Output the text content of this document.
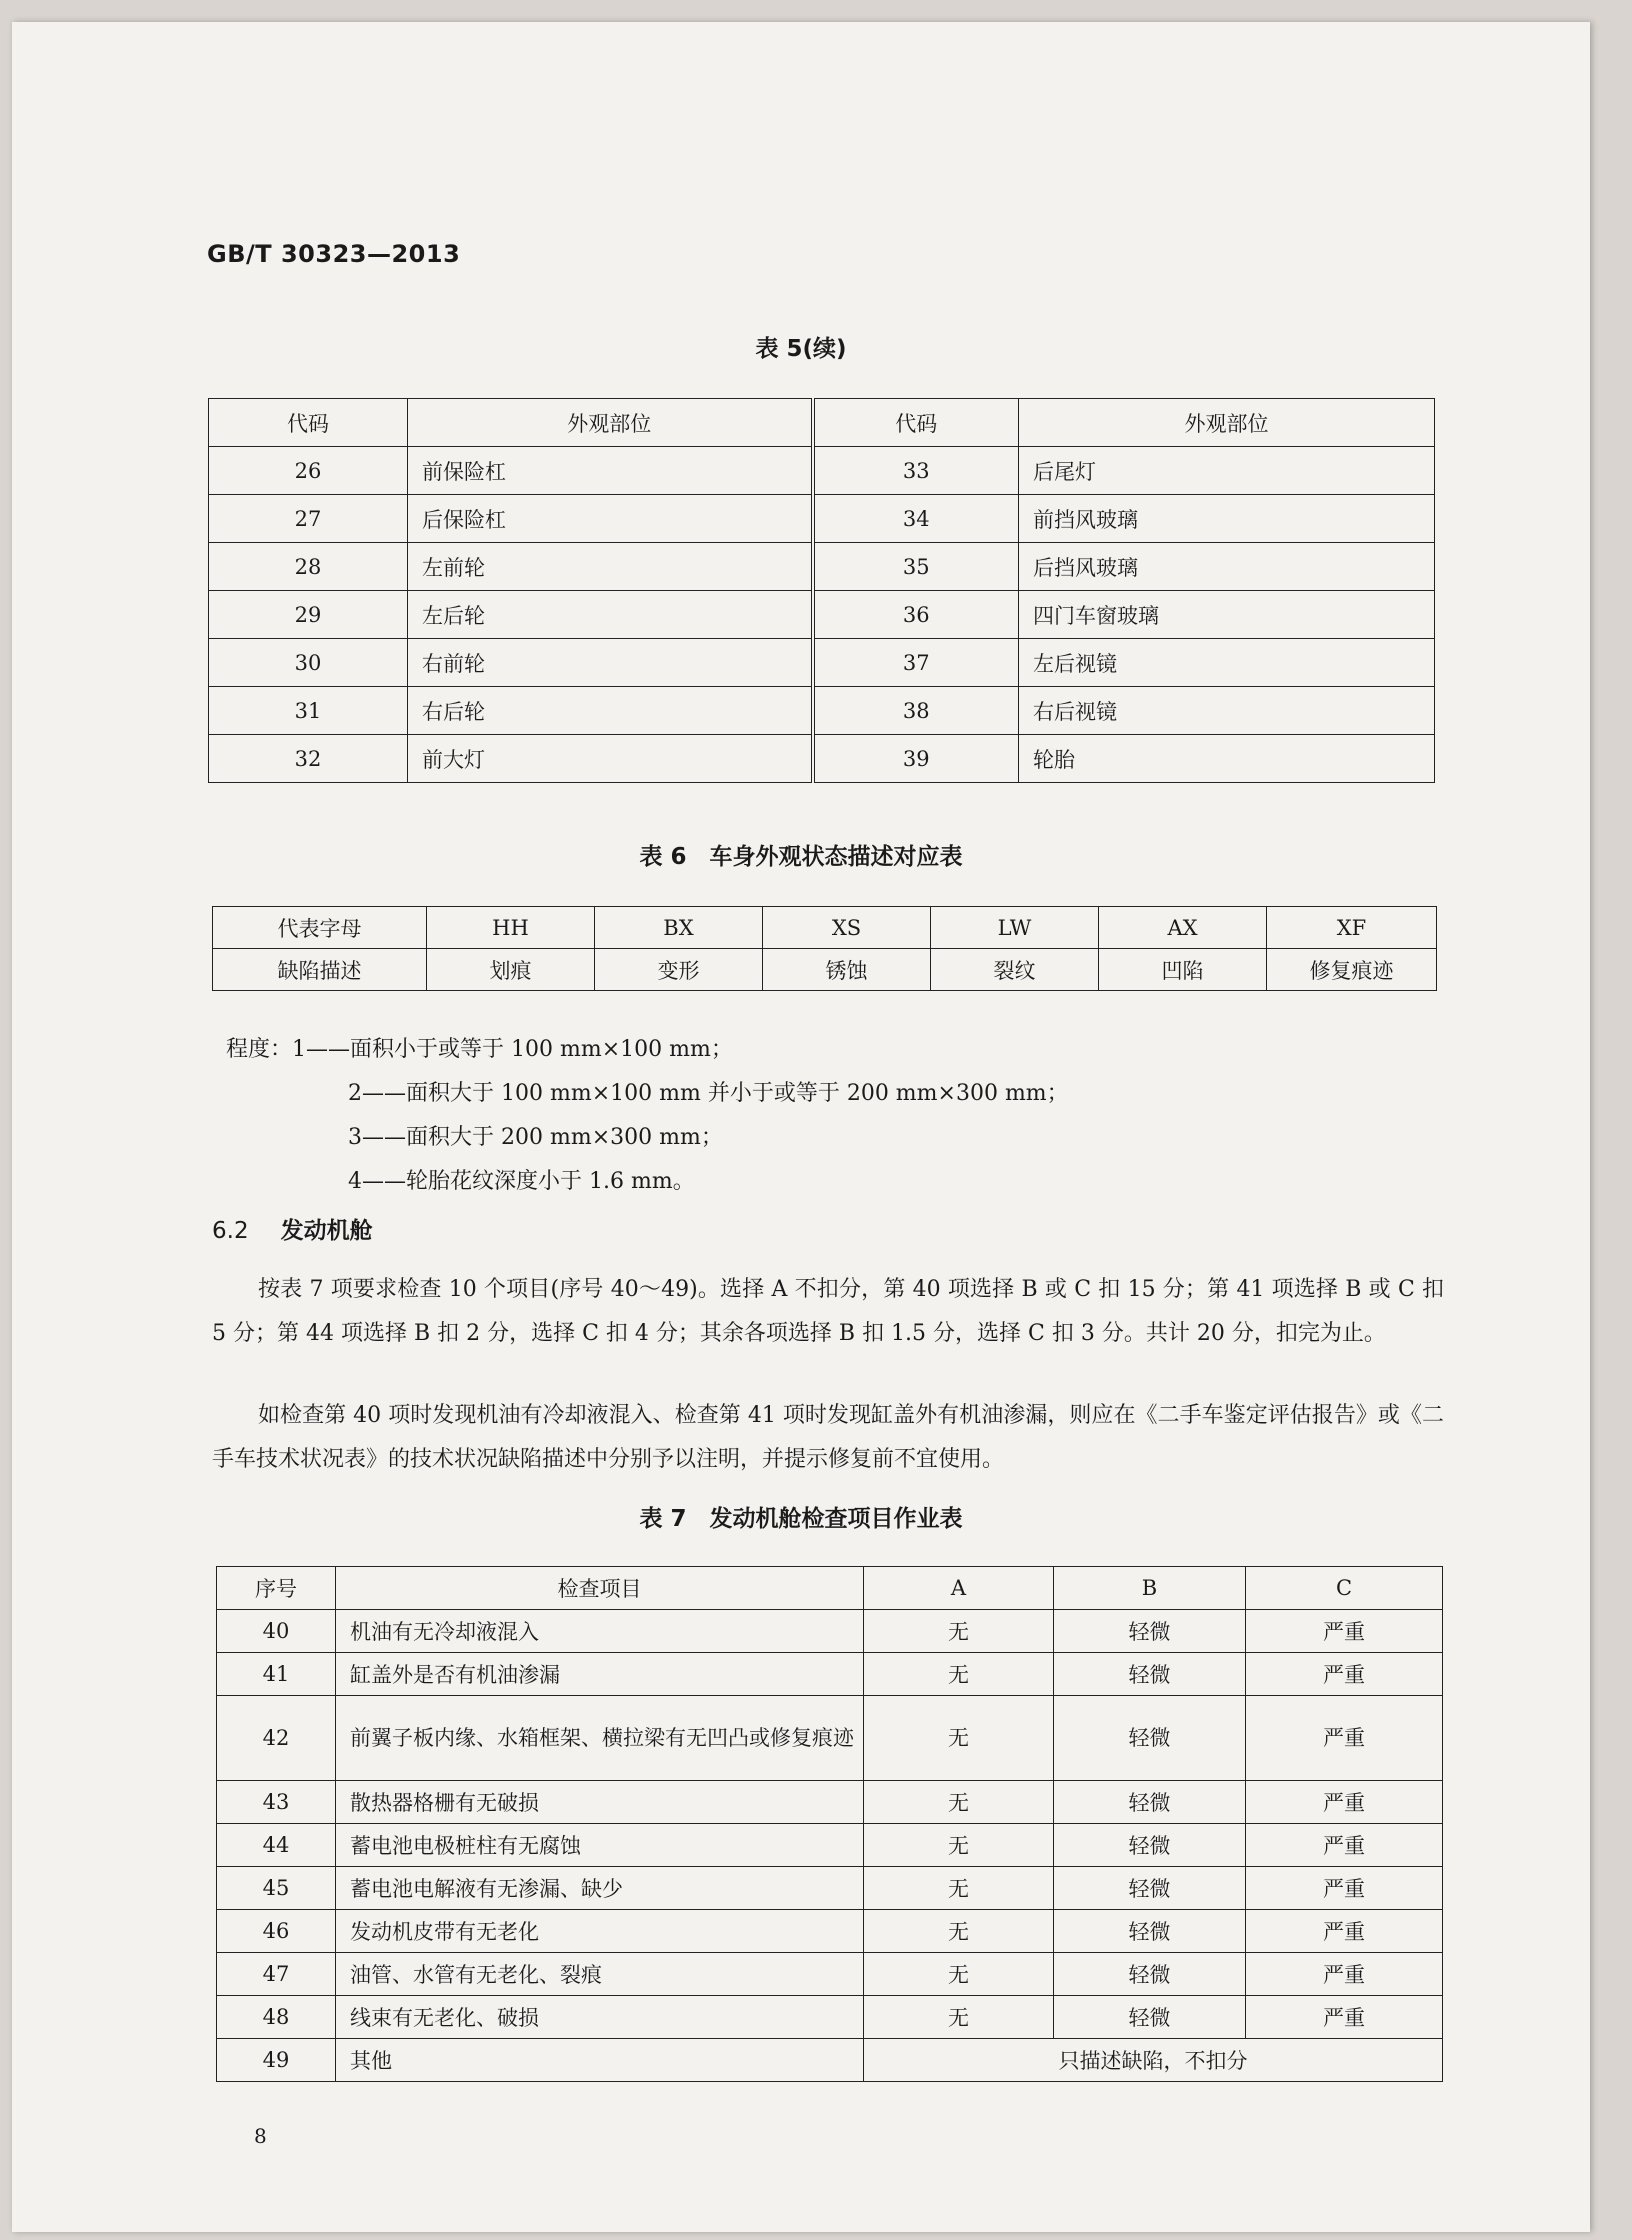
GB/T 30323—2013
表 5(续)
代码	外观部位	代码	外观部位
26	前保险杠	33	后尾灯
27	后保险杠	34	前挡风玻璃
28	左前轮	35	后挡风玻璃
29	左后轮	36	四门车窗玻璃
30	右前轮	37	左后视镜
31	右后轮	38	右后视镜
32	前大灯	39	轮胎
表 6　车身外观状态描述对应表
代表字母	HH	BX	XS	LW	AX	XF
缺陷描述	划痕	变形	锈蚀	裂纹	凹陷	修复痕迹
程度：1——面积小于或等于 100 mm×100 mm；
2——面积大于 100 mm×100 mm 并小于或等于 200 mm×300 mm；
3——面积大于 200 mm×300 mm；
4——轮胎花纹深度小于 1.6 mm。
6.2 发动机舱
按表 7 项要求检查 10 个项目(序号 40～49)。选择 A 不扣分，第 40 项选择 B 或 C 扣 15 分；第 41 项选择 B 或 C 扣 5 分；第 44 项选择 B 扣 2 分，选择 C 扣 4 分；其余各项选择 B 扣 1.5 分，选择 C 扣 3 分。共计 20 分，扣完为止。
如检查第 40 项时发现机油有冷却液混入、检查第 41 项时发现缸盖外有机油渗漏，则应在《二手车鉴定评估报告》或《二手车技术状况表》的技术状况缺陷描述中分别予以注明，并提示修复前不宜使用。
表 7　发动机舱检查项目作业表
序号	检查项目	A	B	C
40	机油有无冷却液混入	无	轻微	严重
41	缸盖外是否有机油渗漏	无	轻微	严重
42	前翼子板内缘、水箱框架、横拉梁有无凹凸或修复痕迹	无	轻微	严重
43	散热器格栅有无破损	无	轻微	严重
44	蓄电池电极桩柱有无腐蚀	无	轻微	严重
45	蓄电池电解液有无渗漏、缺少	无	轻微	严重
46	发动机皮带有无老化	无	轻微	严重
47	油管、水管有无老化、裂痕	无	轻微	严重
48	线束有无老化、破损	无	轻微	严重
49	其他	只描述缺陷，不扣分		
8
